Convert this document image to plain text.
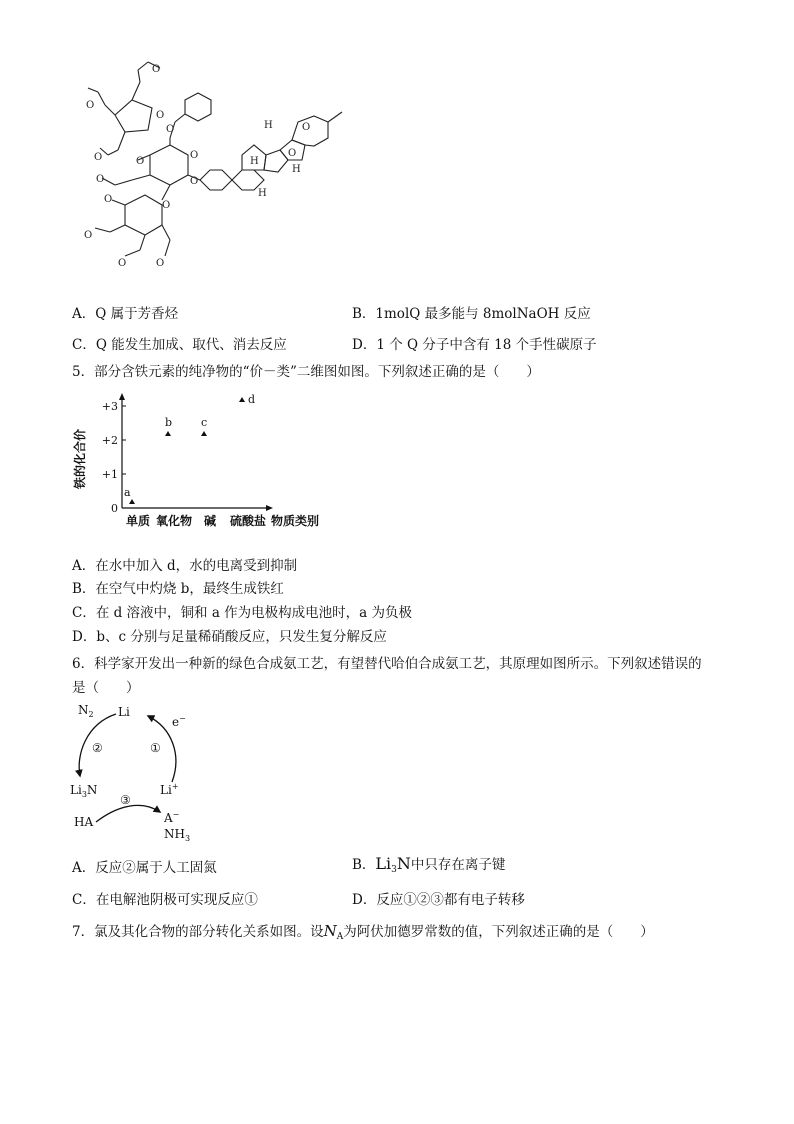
O
O
O
O
O
O
O
O
O
O
O
O	O
O
H
H
H
H
O
O
A．Q 属于芳香烃	B．1molQ 最多能与 8molNaOH 反应
C．Q 能发生加成、取代、消去反应	D．1 个 Q 分子中含有 18 个手性碳原子
5．部分含铁元素的纯净物的“价－类”二维图如图。下列叙述正确的是（　　）
+3
+2
+1
0
单质 氧化物 碱 硫酸盐 物质类别
铁的化合价
a
b	c
d
A．在水中加入 d，水的电离受到抑制
B．在空气中灼烧 b，最终生成铁红
C．在 d 溶液中，铜和 a 作为电极构成电池时，a 为负极
D．b、c 分别与足量稀硝酸反应，只发生复分解反应
6．科学家开发出一种新的绿色合成氨工艺，有望替代哈伯合成氨工艺，其原理如图所示。下列叙述错误的
是（　　）
$N_2$ Li
e−
②	①
$Li_3N$	Li+
③
HA	A−
$NH_3$
A．反应②属于人工固氮	B．$Li_3N$中只存在离子键
C．在电解池阴极可实现反应①	D．反应①②③都有电子转移
7．氯及其化合物的部分转化关系如图。设$N_A$为阿伏加德罗常数的值，下列叙述正确的是（　　）
